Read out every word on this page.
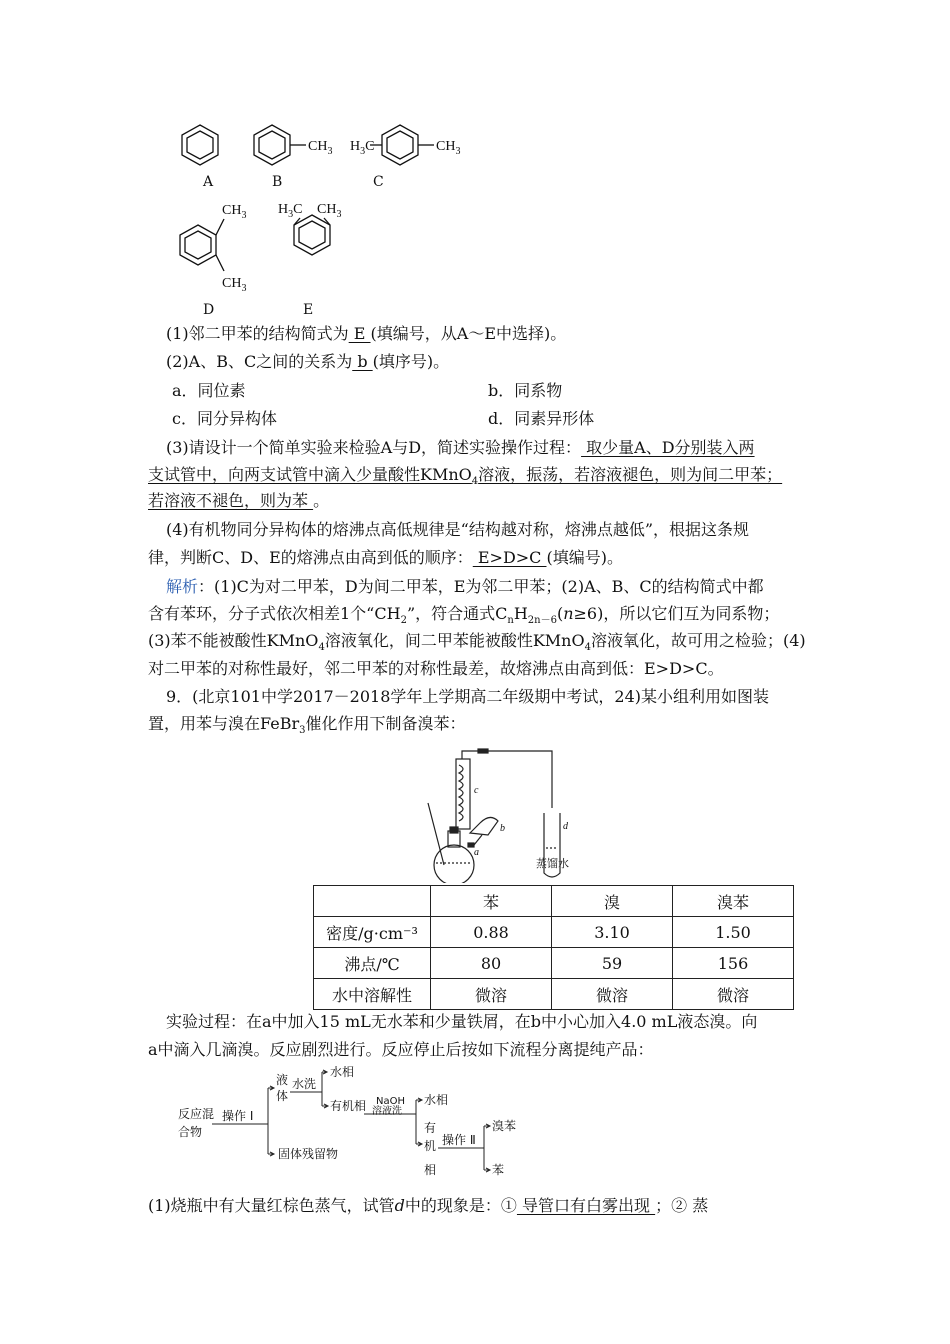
$CH_3$ $H_3C$	$CH_3$
$CH_3$
$CH_3$
$H_3C$ $CH_3$
A	B	C
D	E
(1)邻二甲苯的结构简式为 E (填编号，从A～E中选择)。
(2)A、B、C之间的关系为 b (填序号)。
a．同位素	b．同系物
c．同分异构体	d．同素异形体
(3)请设计一个简单实验来检验A与D，简述实验操作过程： 取少量A、D分别装入两
支试管中，向两支试管中滴入少量酸性KMnO$_4$溶液，振荡，若溶液褪色，则为间二甲苯；
若溶液不褪色，则为苯 。
(4)有机物同分异构体的熔沸点高低规律是“结构越对称，熔沸点越低”，根据这条规
律，判断C、D、E的熔沸点由高到低的顺序： E>D>C (填编号)。
解析：(1)C为对二甲苯，D为间二甲苯，E为邻二甲苯；(2)A、B、C的结构简式中都
含有苯环，分子式依次相差1个“$CH_2$”，符合通式$C_nH_{2n-6}(n\ge 6)$，所以它们互为同系物；
(3)苯不能被酸性KMnO$_4$溶液氧化，间二甲苯能被酸性KMnO$_4$溶液氧化，故可用之检验；(4)
对二甲苯的对称性最好，邻二甲苯的对称性最差，故熔沸点由高到低：E>D>C。
9．(北京101中学2017－2018学年上学期高二年级期中考试，24)某小组利用如图装
置，用苯与溴在FeBr$_3$催化作用下制备溴苯：
a
b
c
d
蒸馏水
	苯	溴	溴苯
密度/g·cm⁻³	0.88	3.10	1.50
沸点/℃	80	59	156
水中溶解性	微溶	微溶	微溶
实验过程：在a中加入15 mL无水苯和少量铁屑，在b中小心加入4.0 mL液态溴。向
a中滴入几滴溴。反应剧烈进行。反应停止后按如下流程分离提纯产品：
反应混
合物
操作 Ⅰ
液
体
水洗
水相
有机相 NaOH
溶液洗
水相
有
机
相
操作 Ⅱ
溴苯
苯
固体残留物
(1)烧瓶中有大量红棕色蒸气，试管d中的现象是：① 导管口有白雾出现 ；② 蒸
